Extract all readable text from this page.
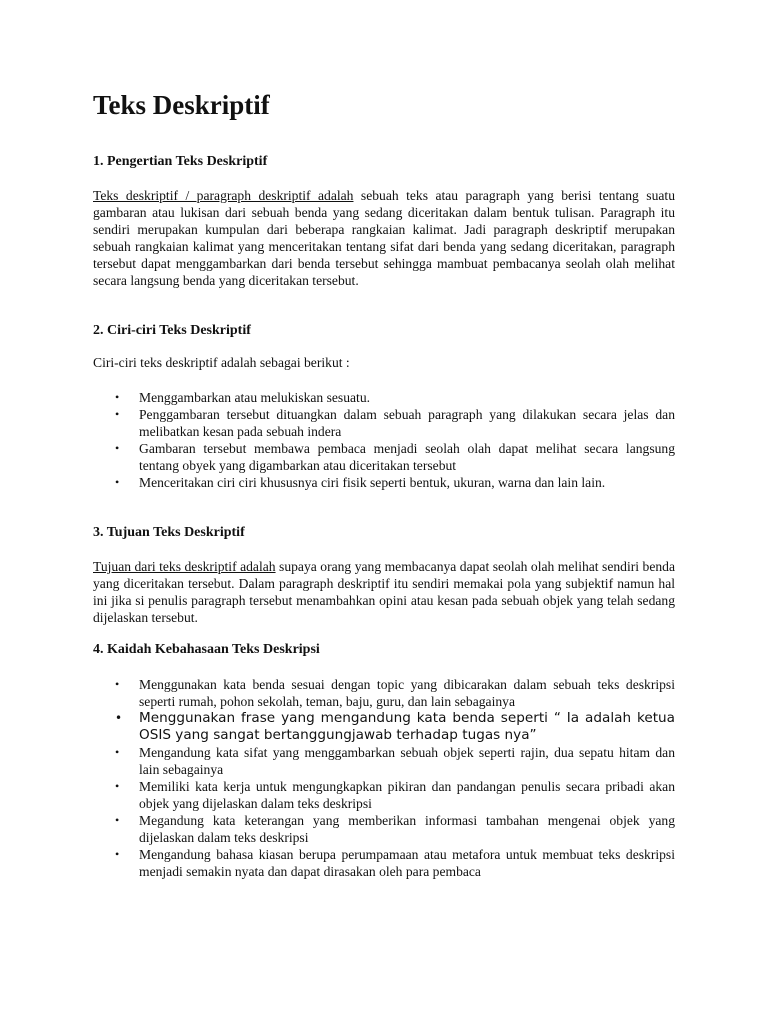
Teks Deskriptif
1. Pengertian Teks Deskriptif

Teks deskriptif / paragraph deskriptif adalah sebuah teks atau paragraph yang berisi tentang suatu gambaran atau lukisan dari sebuah benda yang sedang diceritakan dalam bentuk tulisan. Paragraph itu sendiri merupakan kumpulan dari beberapa rangkaian kalimat. Jadi paragraph deskriptif merupakan sebuah rangkaian kalimat yang menceritakan tentang sifat dari benda yang sedang diceritakan, paragraph tersebut dapat menggambarkan dari benda tersebut sehingga mambuat pembacanya seolah olah melihat secara langsung benda yang diceritakan tersebut.

2. Ciri-ciri Teks Deskriptif

Ciri-ciri teks deskriptif adalah sebagai berikut :

• Menggambarkan atau melukiskan sesuatu.
• Penggambaran tersebut dituangkan dalam sebuah paragraph yang dilakukan secara jelas dan melibatkan kesan pada sebuah indera
• Gambaran tersebut membawa pembaca menjadi seolah olah dapat melihat secara langsung tentang obyek yang digambarkan atau diceritakan tersebut
• Menceritakan ciri ciri khususnya ciri fisik seperti bentuk, ukuran, warna dan lain lain.
3. Tujuan Teks Deskriptif

Tujuan dari teks deskriptif adalah supaya orang yang membacanya dapat seolah olah melihat sendiri benda yang diceritakan tersebut. Dalam paragraph deskriptif itu sendiri memakai pola yang subjektif namun hal ini jika si penulis paragraph tersebut menambahkan opini atau kesan pada sebuah objek yang telah sedang dijelaskan tersebut.

4. Kaidah Kebahasaan Teks Deskripsi
• Menggunakan kata benda sesuai dengan topic yang dibicarakan dalam sebuah teks deskripsi seperti rumah, pohon sekolah, teman, baju, guru, dan lain sebagainya
• Menggunakan frase yang mengandung kata benda seperti “ Ia adalah ketua OSIS yang sangat bertanggungjawab terhadap tugas nya”
• Mengandung kata sifat yang menggambarkan sebuah objek seperti rajin, dua sepatu hitam dan lain sebagainya
• Memiliki kata kerja untuk mengungkapkan pikiran dan pandangan penulis secara pribadi akan objek yang dijelaskan dalam teks deskripsi
• Megandung kata keterangan yang memberikan informasi tambahan mengenai objek yang dijelaskan dalam teks deskripsi
• Mengandung bahasa kiasan berupa perumpamaan atau metafora untuk membuat teks deskripsi menjadi semakin nyata dan dapat dirasakan oleh para pembaca
